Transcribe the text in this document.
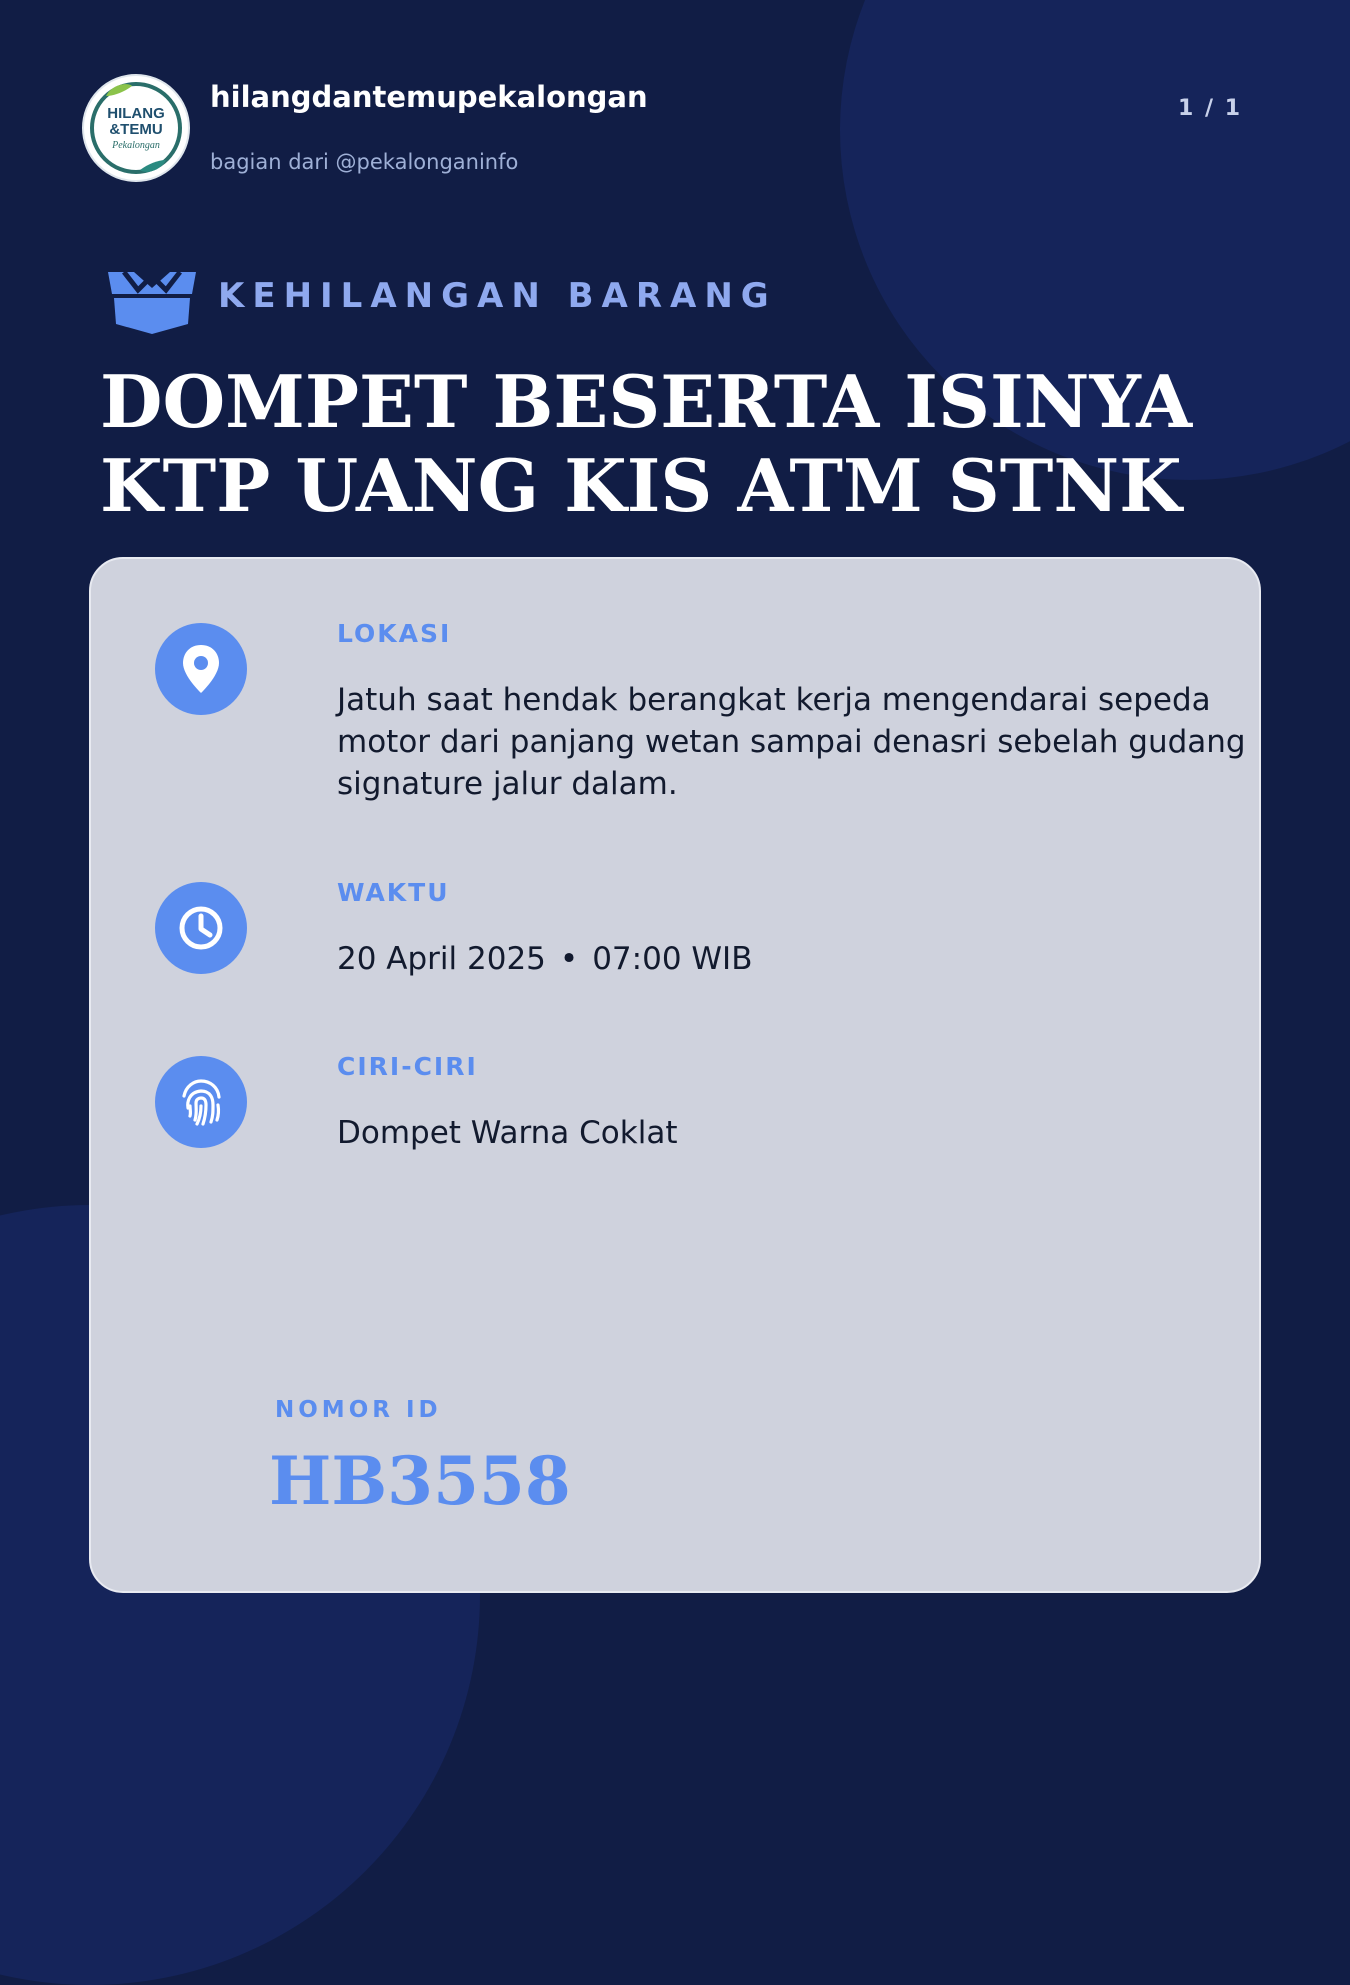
HILANG
&TEMU
Pekalongan
hilangdantemupekalongan
bagian dari @pekalonganinfo
1 / 1
KEHILANGAN BARANG
DOMPET BESERTA ISINYA
KTP UANG KIS ATM STNK
LOKASI

Jatuh saat hendak berangkat kerja mengendarai sepeda motor dari panjang wetan sampai denasri sebelah gudang signature jalur dalam.

WAKTU

20 April 2025 • 07:00 WIB

CIRI-CIRI

Dompet Warna Coklat

NOMOR ID
HB3558
